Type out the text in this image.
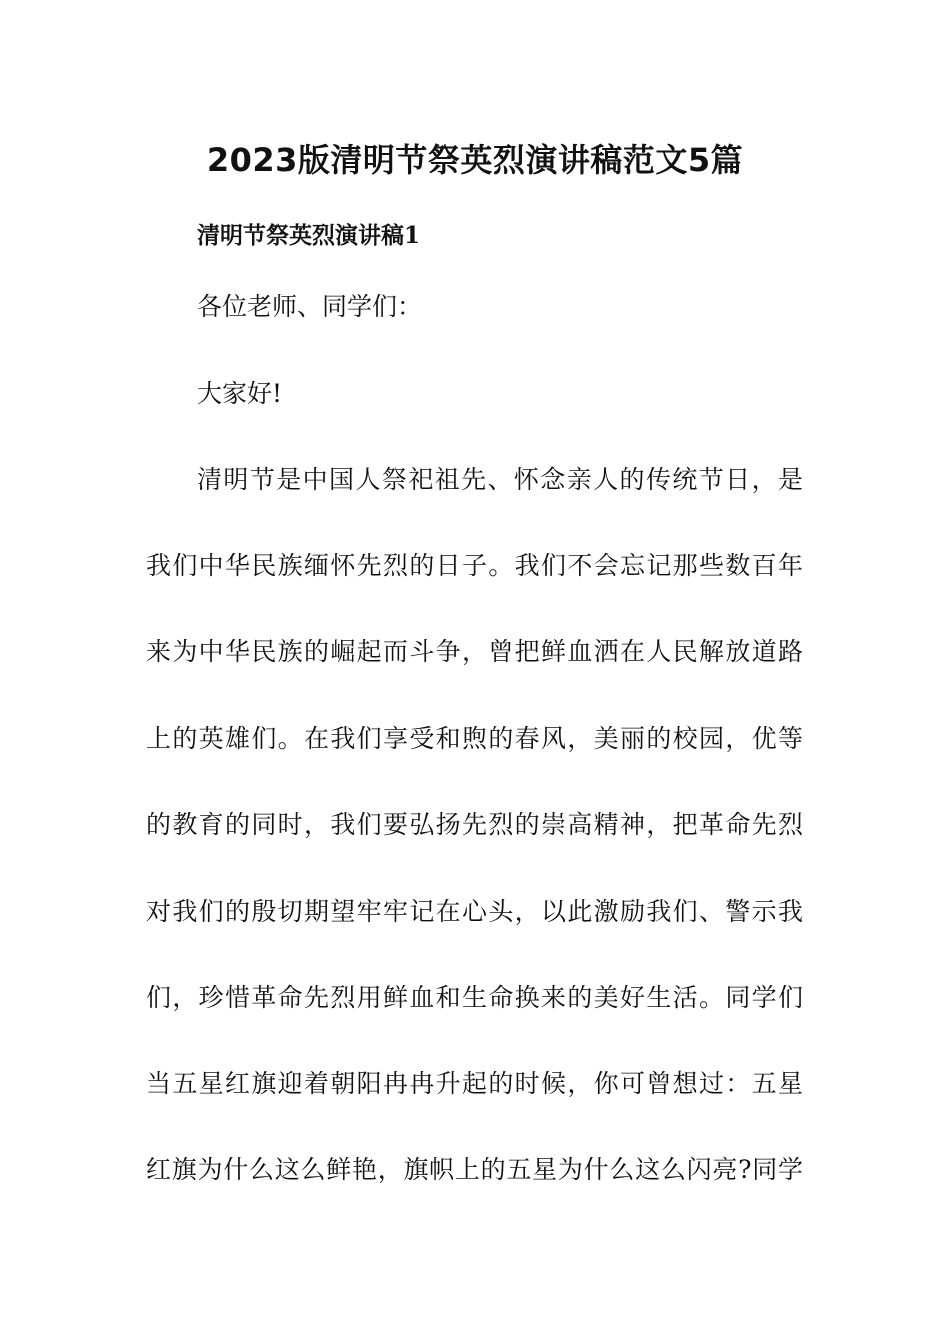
2023版清明节祭英烈演讲稿范文5篇
清明节祭英烈演讲稿1
各位老师、同学们：
大家好!
清明节是中国人祭祀祖先、怀念亲人的传统节日，是
我们中华民族缅怀先烈的日子。我们不会忘记那些数百年
来为中华民族的崛起而斗争，曾把鲜血洒在人民解放道路
上的英雄们。在我们享受和煦的春风，美丽的校园，优等
的教育的同时，我们要弘扬先烈的崇高精神，把革命先烈
对我们的殷切期望牢牢记在心头，以此激励我们、警示我
们，珍惜革命先烈用鲜血和生命换来的美好生活。同学们
当五星红旗迎着朝阳冉冉升起的时候，你可曾想过：五星
红旗为什么这么鲜艳，旗帜上的五星为什么这么闪亮?同学
